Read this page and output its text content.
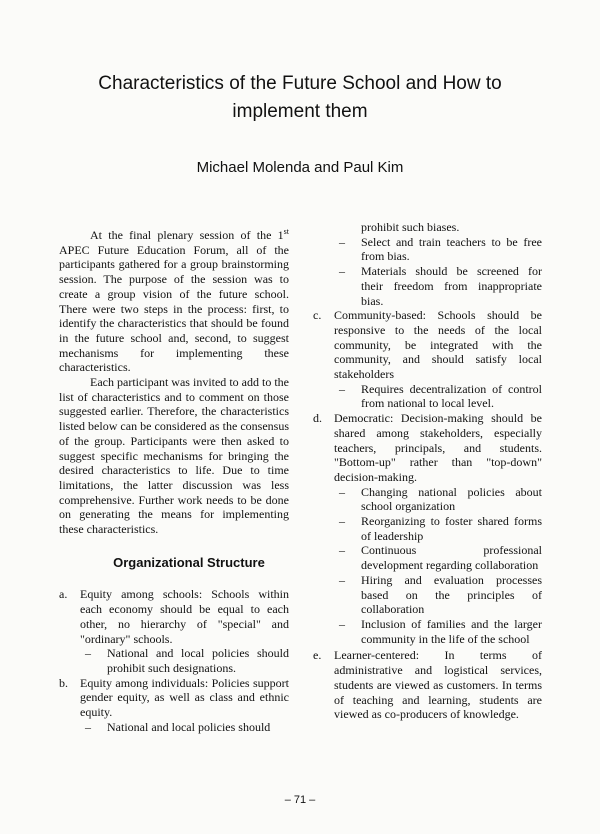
Characteristics of the Future School and How to
implement them
Michael Molenda and Paul Kim

At the final plenary session of the 1st APEC Future Education Forum, all of the participants gathered for a group brainstorming session. The purpose of the session was to create a group vision of the future school. There were two steps in the process: first, to identify the characteristics that should be found in the future school and, second, to suggest mechanisms for implementing these characteristics.

Each participant was invited to add to the list of characteristics and to comment on those suggested earlier. Therefore, the characteristics listed below can be considered as the consensus of the group. Participants were then asked to suggest specific mechanisms for bringing the desired characteristics to life. Due to time limitations, the latter discussion was less comprehensive. Further work needs to be done on generating the means for implementing these characteristics.

Organizational Structure
a. Equity among schools: Schools within each economy should be equal to each other, no hierarchy of "special" and "ordinary" schools.
– National and local policies should prohibit such designations.
b. Equity among individuals: Policies support gender equity, as well as class and ethnic equity.
– National and local policies should

prohibit such biases.

– Select and train teachers to be free from bias.
– Materials should be screened for their freedom from inappropriate bias.
c. Community-based: Schools should be responsive to the needs of the local community, be integrated with the community, and should satisfy local stakeholders
– Requires decentralization of control from national to local level.
d. Democratic: Decision-making should be shared among stakeholders, especially teachers, principals, and students. "Bottom-up" rather than "top-down" decision-making.
– Changing national policies about school organization
– Reorganizing to foster shared forms of leadership
– Continuous professional development regarding collaboration
– Hiring and evaluation processes based on the principles of collaboration
– Inclusion of families and the larger community in the life of the school
e. Learner-centered: In terms of administrative and logistical services, students are viewed as customers. In terms of teaching and learning, students are viewed as co-producers of knowledge.
– 71 –
